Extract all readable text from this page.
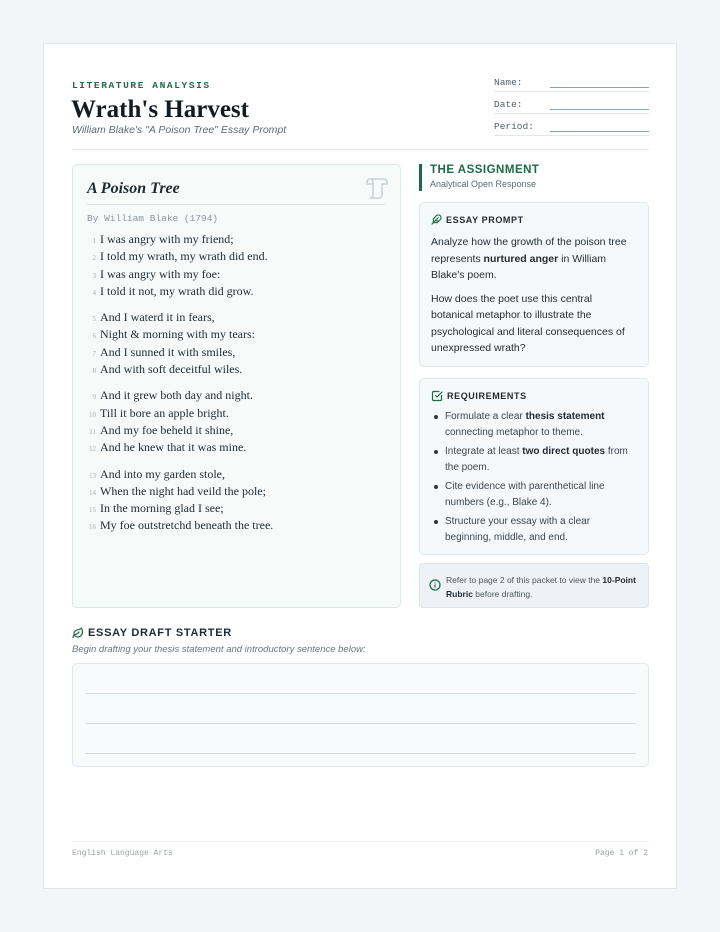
LITERATURE ANALYSIS
Wrath's Harvest
William Blake's "A Poison Tree" Essay Prompt
Name:
Date:
Period:
A Poison Tree
By William Blake (1794)
1 I was angry with my friend;
2 I told my wrath, my wrath did end.
3 I was angry with my foe:
4 I told it not, my wrath did grow.
5 And I waterd it in fears,
6 Night & morning with my tears:
7 And I sunned it with smiles,
8 And with soft deceitful wiles.
9 And it grew both day and night.
10 Till it bore an apple bright.
11 And my foe beheld it shine,
12 And he knew that it was mine.
13 And into my garden stole,
14 When the night had veild the pole;
15 In the morning glad I see;
16 My foe outstretchd beneath the tree.
THE ASSIGNMENT
Analytical Open Response
ESSAY PROMPT

Analyze how the growth of the poison tree represents nurtured anger in William Blake's poem.

How does the poet use this central botanical metaphor to illustrate the psychological and literal consequences of unexpressed wrath?

REQUIREMENTS
Formulate a clear thesis statement connecting metaphor to theme.
Integrate at least two direct quotes from the poem.
Cite evidence with parenthetical line numbers (e.g., Blake 4).
Structure your essay with a clear beginning, middle, and end.
Refer to page 2 of this packet to view the 10-Point Rubric before drafting.
ESSAY DRAFT STARTER
Begin drafting your thesis statement and introductory sentence below:
English Language Arts	Page 1 of 2
